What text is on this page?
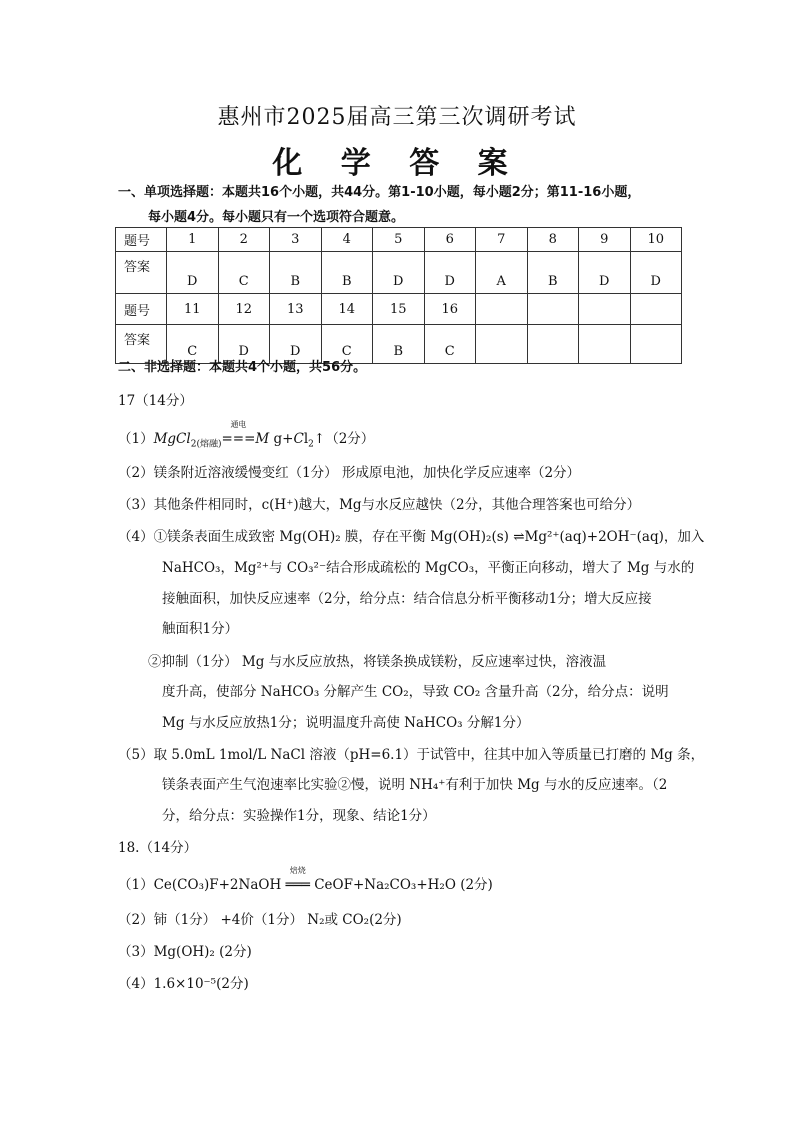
惠州市2025届高三第三次调研考试
化 学 答 案
一、单项选择题：本题共16个小题，共44分。第1-10小题，每小题2分；第11-16小题，
每小题4分。每小题只有一个选项符合题意。
题号	1	2	3	4	5	6	7	8	9	10
答案	D	C	B	B	D	D	A	B	D	D
题号	11	12	13	14	15	16				
答案	C	D	D	C	B	C				
二、非选择题：本题共4个小题，共56分。
17（14分）
（1）MgCl$_{2(熔融)}$
通电
===M $g+Cl_2↑(2$分）
（2）镁条附近溶液缓慢变红（1分） 形成原电池，加快化学反应速率（2分）
（3）其他条件相同时，c(H⁺)越大，Mg与水反应越快（2分，其他合理答案也可给分）
（4）①镁条表面生成致密 Mg(OH)₂ 膜，存在平衡 Mg(OH)₂(s) ⇌Mg²⁺(aq)+2OH⁻(aq)，加入
NaHCO₃，Mg²⁺与 CO₃²⁻结合形成疏松的 MgCO₃，平衡正向移动，增大了 Mg 与水的
接触面积，加快反应速率（2分，给分点：结合信息分析平衡移动1分；增大反应接
触面积1分）
②抑制（1分） Mg 与水反应放热，将镁条换成镁粉，反应速率过快，溶液温
度升高，使部分 NaHCO₃ 分解产生 CO₂，导致 CO₂ 含量升高（2分，给分点：说明
Mg 与水反应放热1分；说明温度升高使 NaHCO₃ 分解1分）
（5）取 5.0mL 1mol/L NaCl 溶液（pH=6.1）于试管中，往其中加入等质量已打磨的 Mg 条，
镁条表面产生气泡速率比实验②慢，说明 NH₄⁺有利于加快 Mg 与水的反应速率。（2
分，给分点：实验操作1分，现象、结论1分）
18.（14分）
（1）Ce(CO₃)F+2NaOH
焙烧
═══ CeOF+Na₂CO₃+H₂O (2分)
（2）铈（1分） +4价（1分） N₂或 CO₂(2分)
（3）Mg(OH)₂ (2分)
（4）1.6×10⁻⁵(2分)
